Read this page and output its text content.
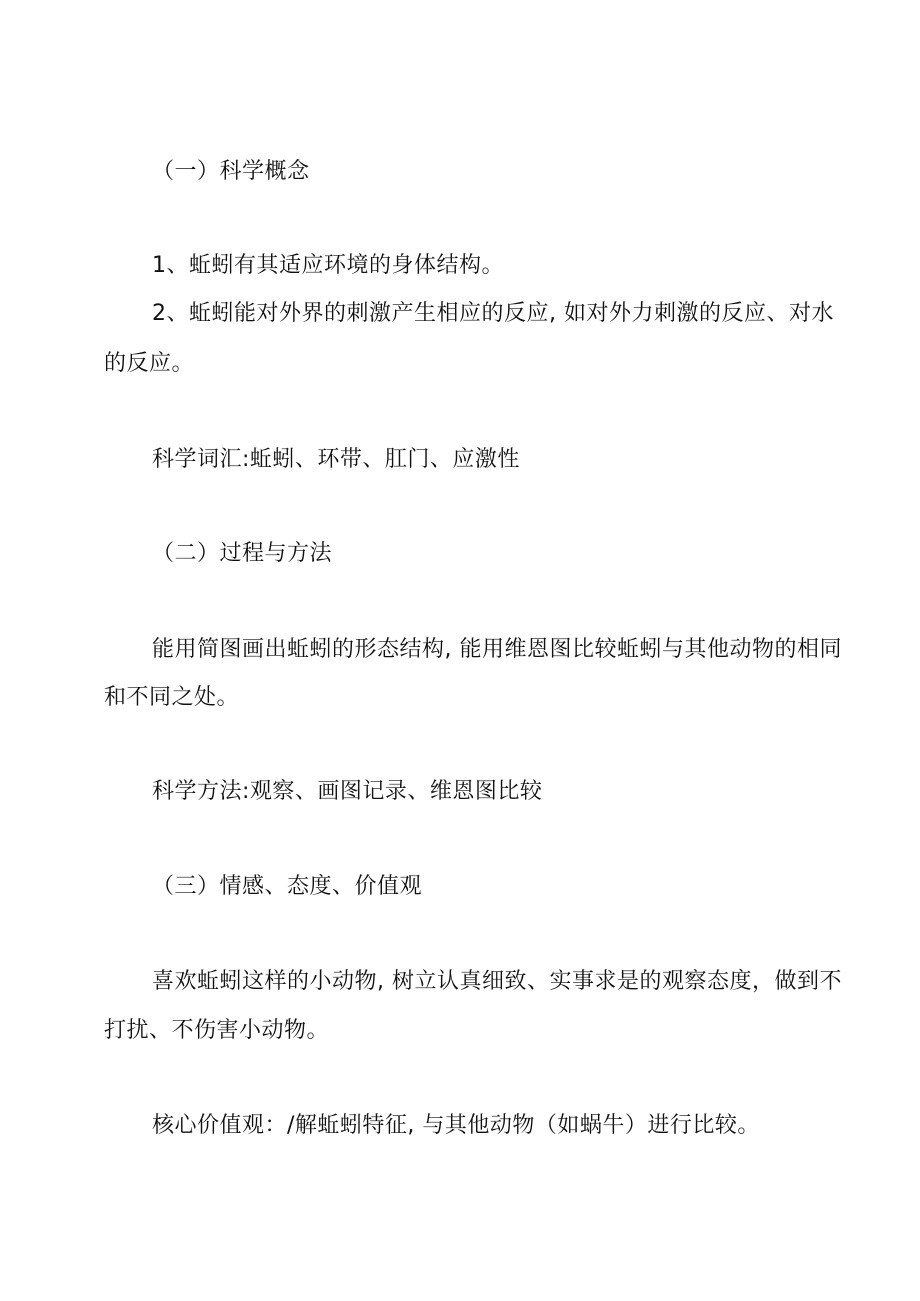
（一）科学概念
1、蚯蚓有其适应环境的身体结构。
2、蚯蚓能对外界的刺激产生相应的反应, 如对外力刺激的反应、对水
的反应。
科学词汇:蚯蚓、环带、肛门、应激性
（二）过程与方法
能用简图画出蚯蚓的形态结构, 能用维恩图比较蚯蚓与其他动物的相同
和不同之处。
科学方法:观察、画图记录、维恩图比较
（三）情感、态度、价值观
喜欢蚯蚓这样的小动物, 树立认真细致、实事求是的观察态度，做到不
打扰、不伤害小动物。
核心价值观：/解蚯蚓特征, 与其他动物（如蜗牛）进行比较。
